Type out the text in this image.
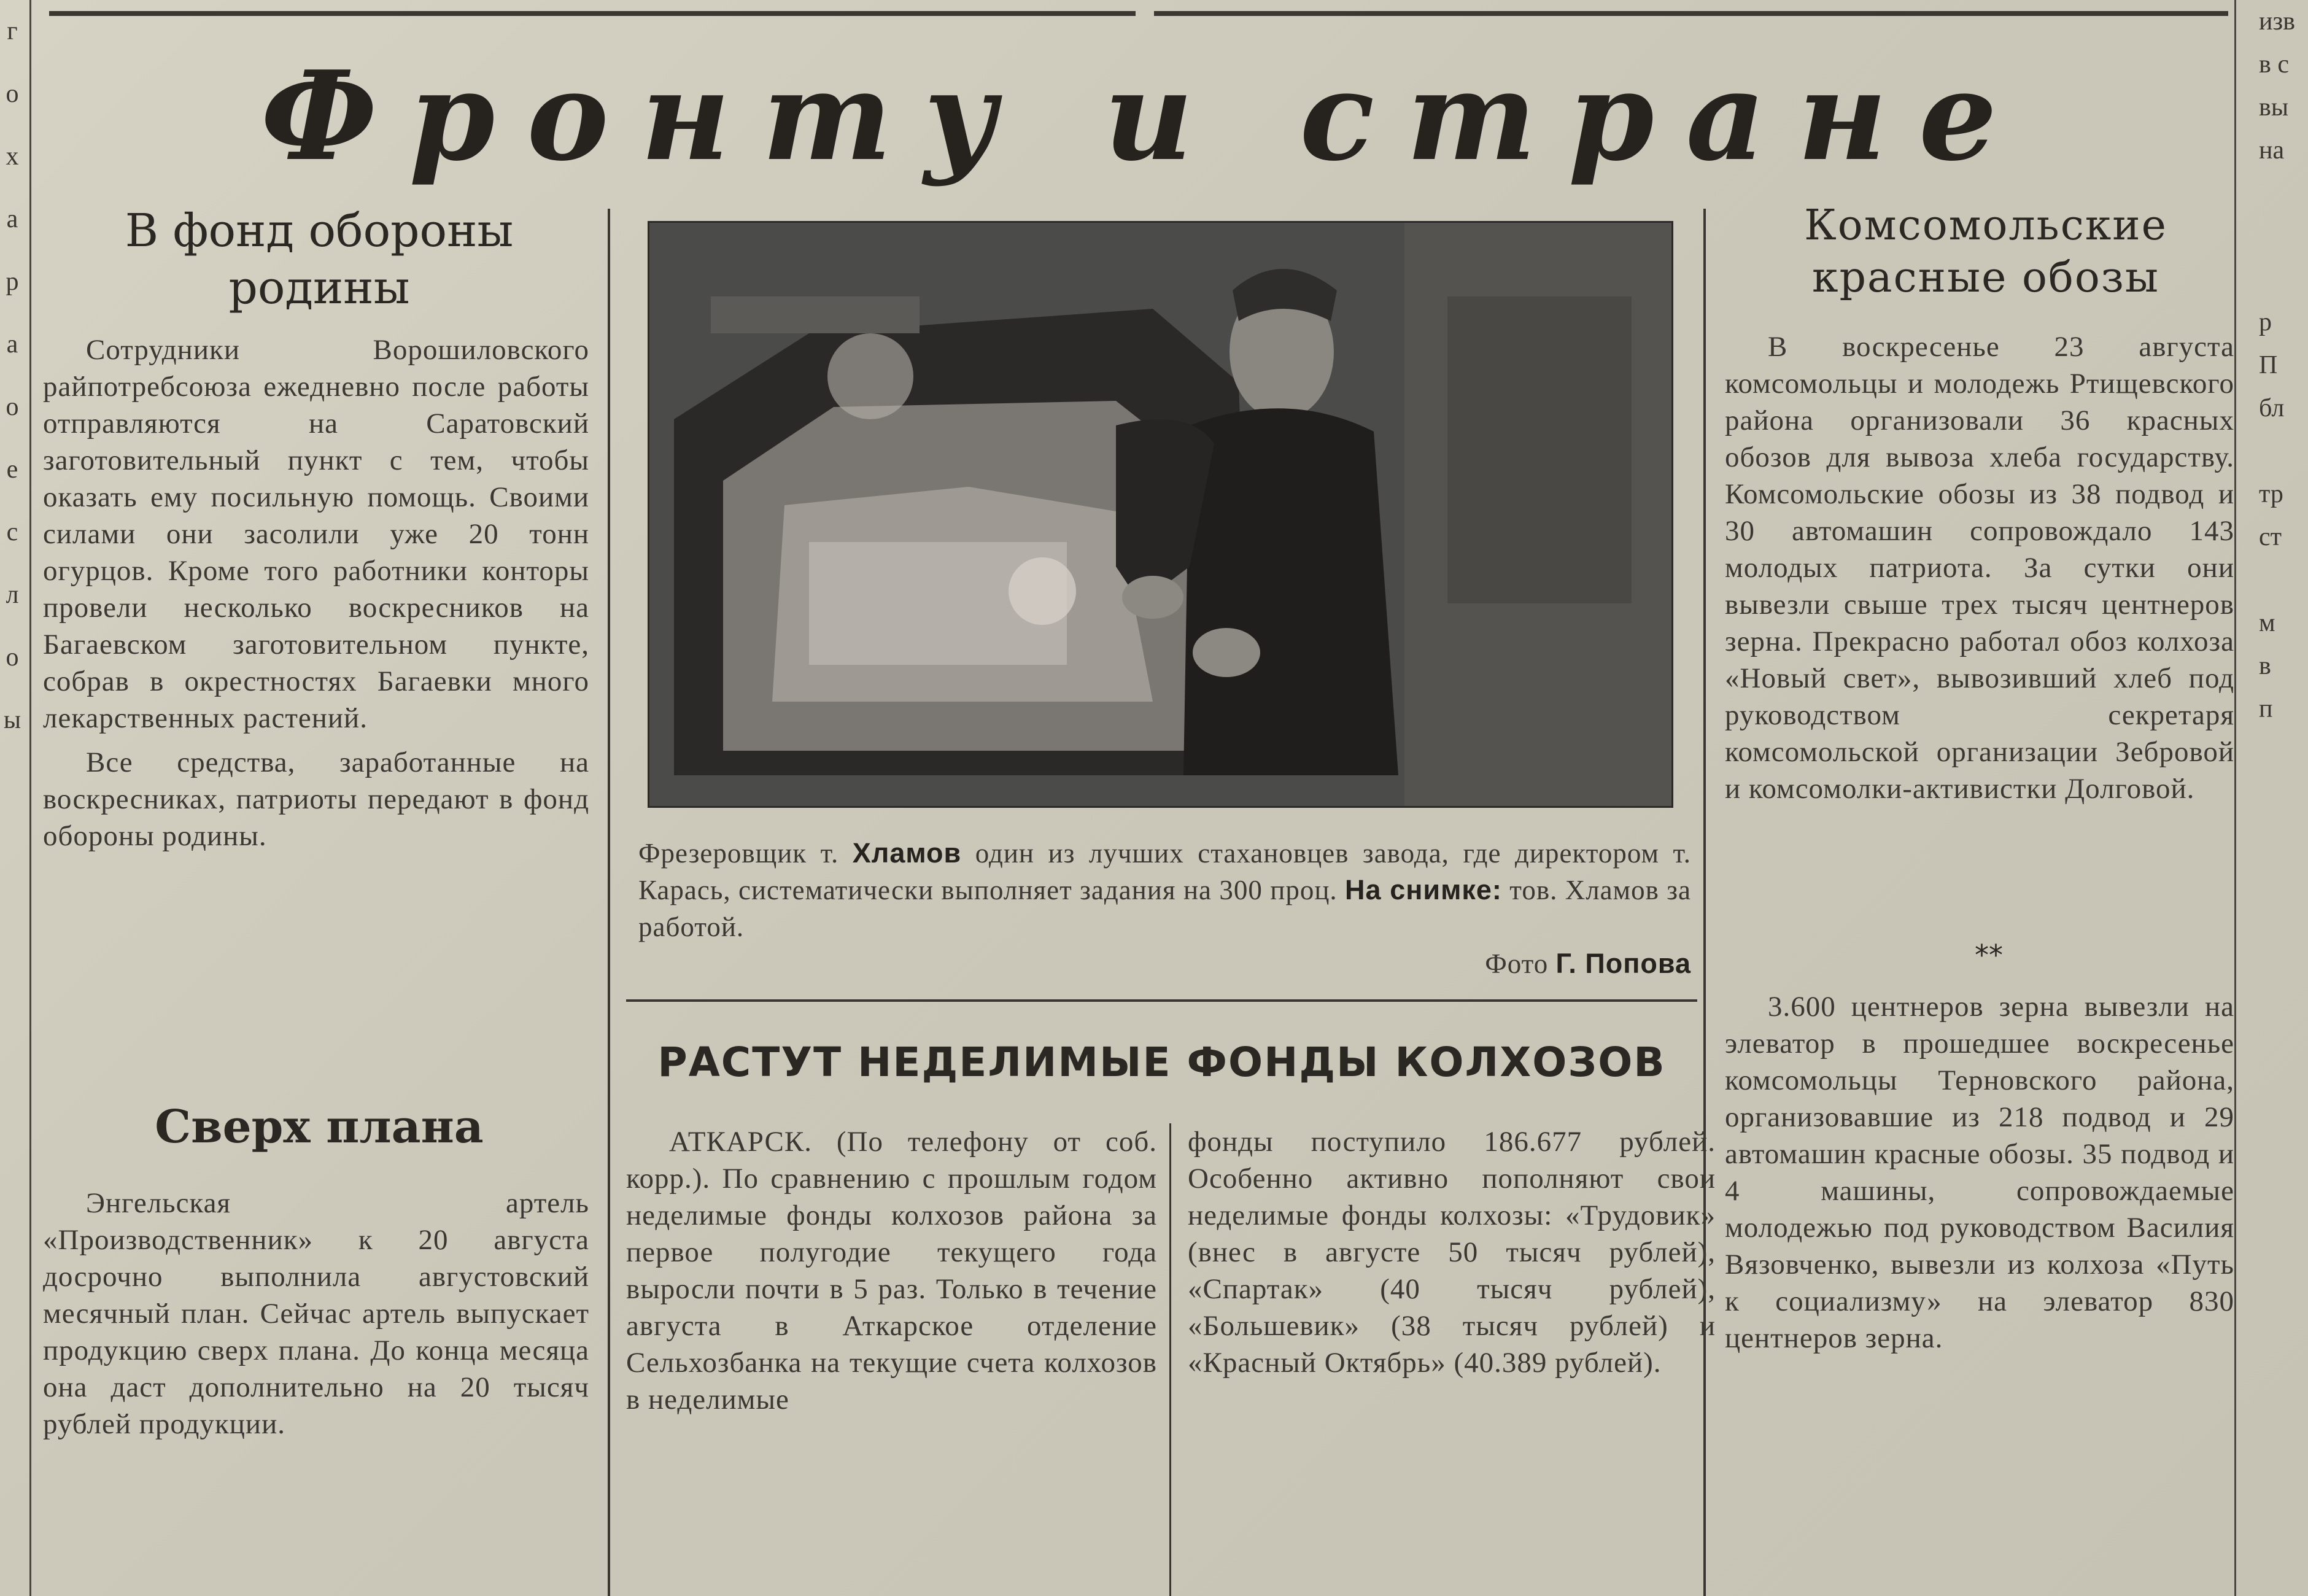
г
о
х
а
р
а
о
е
с
л
о
ы
изв
в с
вы
на
р
П
бл
тр
ст
м
в
п
Фронту и стране
В фонд обороны родины

Сотрудники Ворошиловского райпотребсоюза ежедневно после работы отправляются на Саратовский заготовительный пункт с тем, чтобы оказать ему посильную помощь. Своими силами они засолили уже 20 тонн огурцов. Кроме того работники конторы провели несколько воскресников на Багаевском заготовительном пункте, собрав в окрестностях Багаевки много лекарственных растений.

Все средства, заработанные на воскресниках, патриоты передают в фонд обороны родины.

Сверх плана

Энгельская артель «Производственник» к 20 августа досрочно выполнила августовский месячный план. Сейчас артель выпускает продукцию сверх плана. До конца месяца она даст дополнительно на 20 тысяч рублей продукции.

Фрезеровщик т. Хламов один из лучших стахановцев завода, где директором т. Карась, систематически выполняет задания на 300 проц. На снимке: тов. Хламов за работой.
Фото Г. Попова
РАСТУТ НЕДЕЛИМЫЕ ФОНДЫ КОЛХОЗОВ
АТКАРСК. (По телефону от соб. корр.). По сравнению с прошлым годом неделимые фонды колхозов района за первое полугодие текущего года выросли почти в 5 раз. Только в течение августа в Аткарское отделение Сельхозбанка на текущие счета колхозов в неделимые
фонды поступило 186.677 рублей. Особенно активно пополняют свои неделимые фонды колхозы: «Трудовик» (внес в августе 50 тысяч рублей), «Спартак» (40 тысяч рублей), «Большевик» (38 тысяч рублей) и «Красный Октябрь» (40.389 рублей).
Комсомольские красные обозы

В воскресенье 23 августа комсомольцы и молодежь Ртищевского района организовали 36 красных обозов для вывоза хлеба государству. Комсомольские обозы из 38 подвод и 30 автомашин сопровождало 143 молодых патриота. За сутки они вывезли свыше трех тысяч центнеров зерна. Прекрасно работал обоз колхоза «Новый свет», вывозивший хлеб под руководством секретаря комсомольской организации Зебровой и комсомолки-активистки Долговой.

**

3.600 центнеров зерна вывезли на элеватор в прошедшее воскресенье комсомольцы Терновского района, организовавшие из 218 подвод и 29 автомашин красные обозы. 35 подвод и 4 машины, сопровождаемые молодежью под руководством Василия Вязовченко, вывезли из колхоза «Путь к социализму» на элеватор 830 центнеров зерна.
